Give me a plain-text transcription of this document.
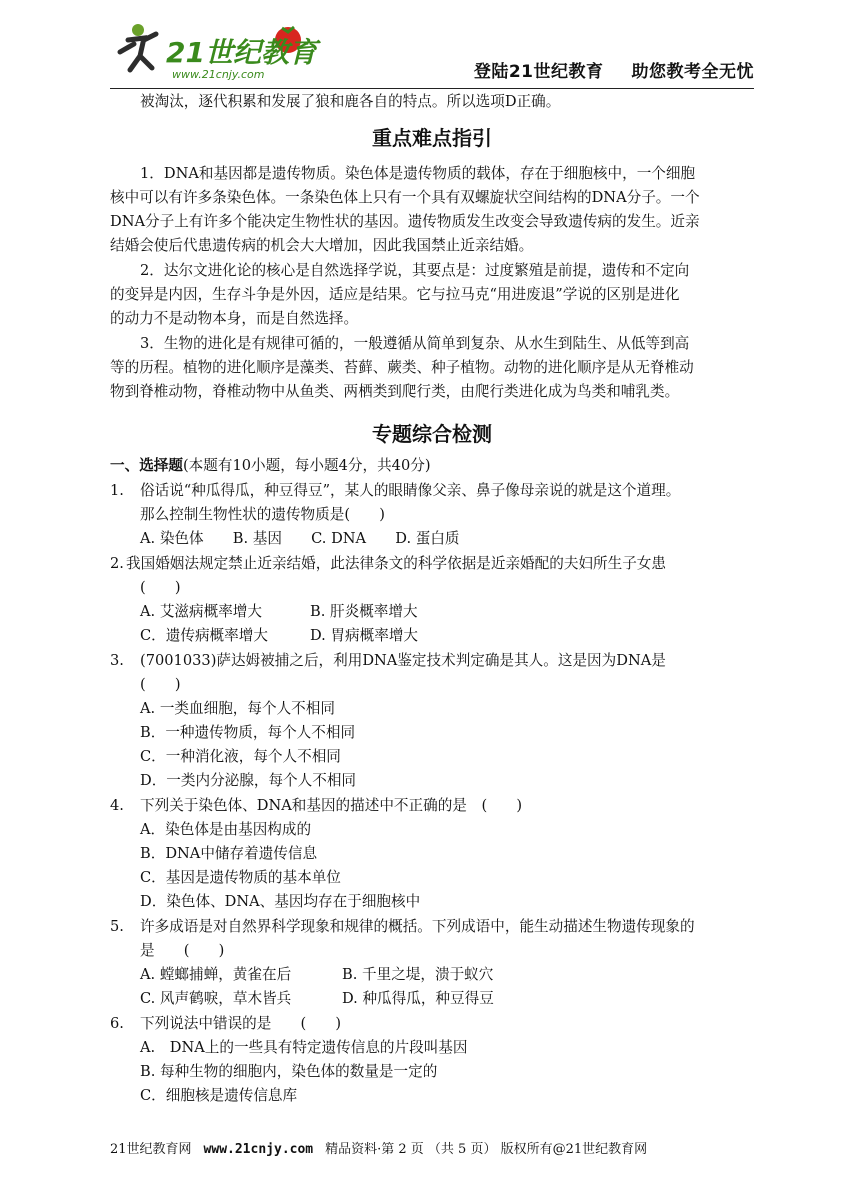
21世纪教育
www.21cnjy.com	登陆21世纪教育 助您教考全无忧
被淘汰，逐代积累和发展了狼和鹿各自的特点。所以选项D正确。
重点难点指引
1．DNA和基因都是遗传物质。染色体是遗传物质的载体，存在于细胞核中，一个细胞
核中可以有许多条染色体。一条染色体上只有一个具有双螺旋状空间结构的DNA分子。一个
DNA分子上有许多个能决定生物性状的基因。遗传物质发生改变会导致遗传病的发生。近亲
结婚会使后代患遗传病的机会大大增加，因此我国禁止近亲结婚。
2．达尔文进化论的核心是自然选择学说，其要点是：过度繁殖是前提，遗传和不定向
的变异是内因，生存斗争是外因，适应是结果。它与拉马克“用进废退”学说的区别是进化
的动力不是动物本身，而是自然选择。
3．生物的进化是有规律可循的，一般遵循从简单到复杂、从水生到陆生、从低等到高
等的历程。植物的进化顺序是藻类、苔藓、蕨类、种子植物。动物的进化顺序是从无脊椎动
物到脊椎动物，脊椎动物中从鱼类、两栖类到爬行类，由爬行类进化成为鸟类和哺乳类。
专题综合检测
一、选择题(本题有10小题，每小题4分，共40分)
1. 俗话说“种瓜得瓜，种豆得豆”，某人的眼睛像父亲、鼻子像母亲说的就是这个道理。
那么控制生物性状的遗传物质是(　　)
A. 染色体　　B. 基因　　C. DNA　　D. 蛋白质
2. 我国婚姻法规定禁止近亲结婚，此法律条文的科学依据是近亲婚配的夫妇所生子女患
(　　)
A. 艾滋病概率增大	B. 肝炎概率增大
C．遗传病概率增大	D. 胃病概率增大
3. (7001033)萨达姆被捕之后，利用DNA鉴定技术判定确是其人。这是因为DNA是
(　　)
A. 一类血细胞，每个人不相同
B．一种遗传物质，每个人不相同
C．一种消化液，每个人不相同
D．一类内分泌腺，每个人不相同
4. 下列关于染色体、DNA和基因的描述中不正确的是　(　　)
A．染色体是由基因构成的
B．DNA中储存着遗传信息
C．基因是遗传物质的基本单位
D．染色体、DNA、基因均存在于细胞核中
5. 许多成语是对自然界科学现象和规律的概括。下列成语中，能生动描述生物遗传现象的
是　　(　　)
A. 螳螂捕蝉，黄雀在后	B. 千里之堤，溃于蚁穴
C. 风声鹤唳，草木皆兵	D. 种瓜得瓜，种豆得豆
6. 下列说法中错误的是　　(　　)
A.　DNA上的一些具有特定遗传信息的片段叫基因
B. 每种生物的细胞内，染色体的数量是一定的
C．细胞核是遗传信息库
21世纪教育网 www.21cnjy.com 精品资料·第 2 页 （共 5 页） 版权所有@21世纪教育网
